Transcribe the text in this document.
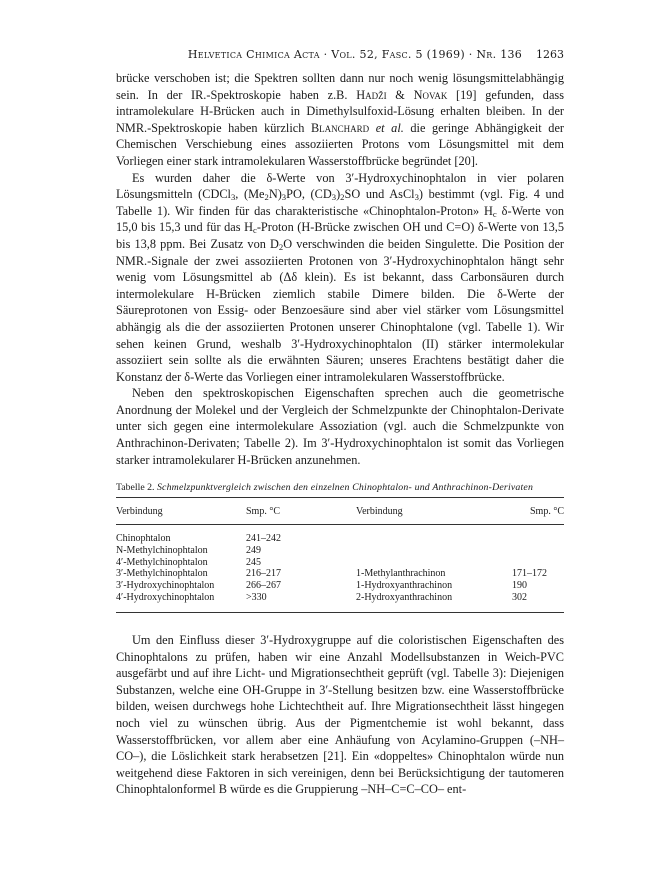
Helvetica Chimica Acta · Vol. 52, Fasc. 5 (1969) · Nr. 136	1263

brücke verschoben ist; die Spektren sollten dann nur noch wenig lösungsmittelabhängig sein. In der IR.-Spektroskopie haben z.B. Hadži & Novak [19] gefunden, dass intramolekulare H-Brücken auch in Dimethylsulfoxid-Lösung erhalten bleiben. In der NMR.-Spektroskopie haben kürzlich Blanchard et al. die geringe Abhängigkeit der Chemischen Verschiebung eines assoziierten Protons vom Lösungsmittel mit dem Vorliegen einer stark intramolekularen Wasserstoffbrücke begründet [20].

Es wurden daher die δ-Werte von 3′-Hydroxychinophtalon in vier polaren Lösungsmitteln (CDCl$_3$, $(Me_2N)_3PO$, $(CD_3)_2SO$ und AsCl$_3$) bestimmt (vgl. Fig. 4 und Tabelle 1). Wir finden für das charakteristische «Chinophtalon-Proton» $H_c$ δ-Werte von 15,0 bis 15,3 und für das $H_c$-Proton (H-Brücke zwischen OH und C=O) δ-Werte von 13,5 bis 13,8 ppm. Bei Zusatz von $D_2O$ verschwinden die beiden Singulette. Die Position der NMR.-Signale der zwei assoziierten Protonen von 3′-Hydroxychinophtalon hängt sehr wenig vom Lösungsmittel ab (Δδ klein). Es ist bekannt, dass Carbonsäuren durch intermolekulare H-Brücken ziemlich stabile Dimere bilden. Die δ-Werte der Säureprotonen von Essig- oder Benzoesäure sind aber viel stärker vom Lösungsmittel abhängig als die der assoziierten Protonen unserer Chinophtalone (vgl. Tabelle 1). Wir sehen keinen Grund, weshalb 3′-Hydroxychinophtalon (II) stärker intermolekular assoziiert sein sollte als die erwähnten Säuren; unseres Erachtens bestätigt daher die Konstanz der δ-Werte das Vorliegen einer intramolekularen Wasserstoffbrücke.

Neben den spektroskopischen Eigenschaften sprechen auch die geometrische Anordnung der Molekel und der Vergleich der Schmelzpunkte der Chinophtalon-Derivate unter sich gegen eine intermolekulare Assoziation (vgl. auch die Schmelzpunkte von Anthrachinon-Derivaten; Tabelle 2). Im 3′-Hydroxychinophtalon ist somit das Vorliegen starker intramolekularer H-Brücken anzunehmen.

Tabelle 2. Schmelzpunktvergleich zwischen den einzelnen Chinophtalon- und Anthrachinon-Derivaten
Verbindung	Smp. °C	Verbindung	Smp. °C
Chinophtalon	241–242
N-Methylchinophtalon	249
4′-Methylchinophtalon	245
3′-Methylchinophtalon	216–217	1-Methylanthrachinon	171–172
3′-Hydroxychinophtalon	266–267	1-Hydroxyanthrachinon	190
4′-Hydroxychinophtalon	>330	2-Hydroxyanthrachinon	302

Um den Einfluss dieser 3′-Hydroxygruppe auf die coloristischen Eigenschaften des Chinophtalons zu prüfen, haben wir eine Anzahl Modellsubstanzen in Weich-PVC ausgefärbt und auf ihre Licht- und Migrationsechtheit geprüft (vgl. Tabelle 3): Diejenigen Substanzen, welche eine OH-Gruppe in 3′-Stellung besitzen bzw. eine Wasserstoffbrücke bilden, weisen durchwegs hohe Lichtechtheit auf. Ihre Migrationsechtheit lässt hingegen noch viel zu wünschen übrig. Aus der Pigmentchemie ist wohl bekannt, dass Wasserstoffbrücken, vor allem aber eine Anhäufung von Acylamino-Gruppen (–NH–CO–), die Löslichkeit stark herabsetzen [21]. Ein «doppeltes» Chinophtalon würde nun weitgehend diese Faktoren in sich vereinigen, denn bei Berücksichtigung der tautomeren Chinophtalonformel B würde es die Gruppierung –NH–C=C–CO– ent-
